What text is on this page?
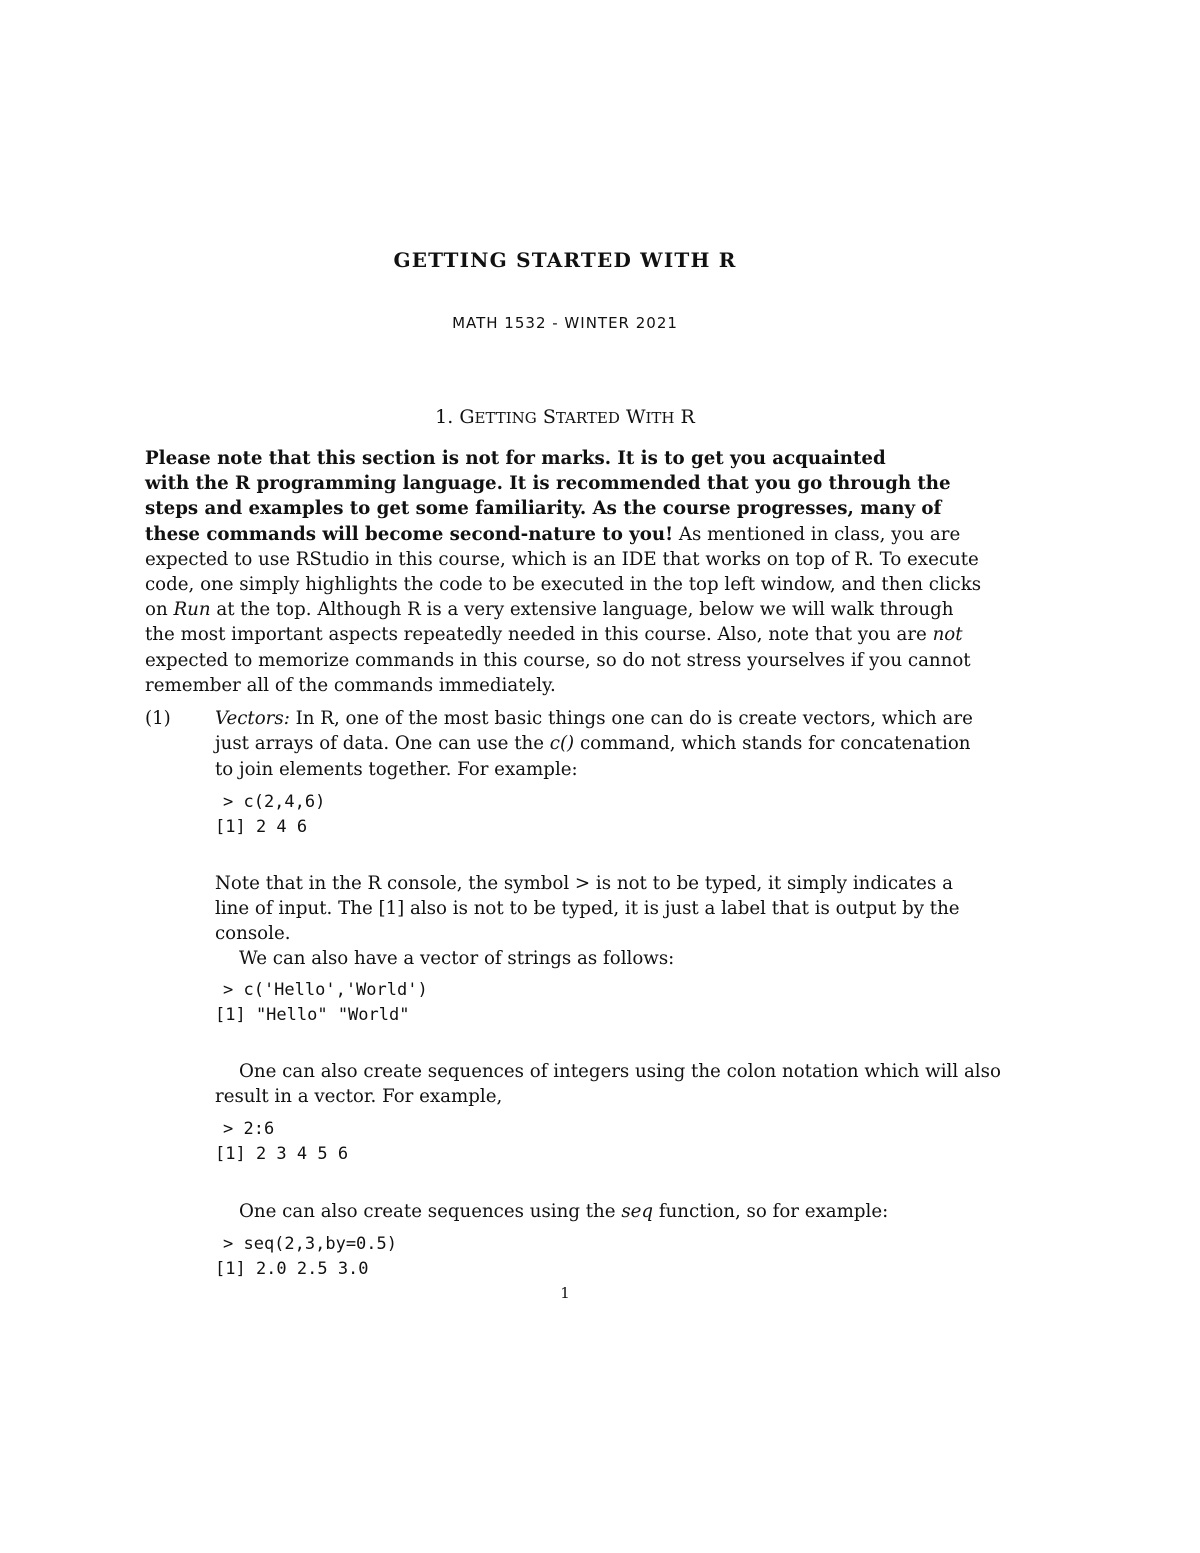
GETTING STARTED WITH R
MATH 1532 - WINTER 2021
1. GETTING STARTED WITH R
Please note that this section is not for marks. It is to get you acquainted
with the R programming language. It is recommended that you go through the
steps and examples to get some familiarity. As the course progresses, many of
these commands will become second-nature to you! As mentioned in class, you are
expected to use RStudio in this course, which is an IDE that works on top of R. To execute
code, one simply highlights the code to be executed in the top left window, and then clicks
on Run at the top. Although R is a very extensive language, below we will walk through
the most important aspects repeatedly needed in this course. Also, note that you are not
expected to memorize commands in this course, so do not stress yourselves if you cannot
remember all of the commands immediately.
(1) Vectors: In R, one of the most basic things one can do is create vectors, which are
just arrays of data. One can use the c() command, which stands for concatenation
to join elements together. For example:
> c(2,4,6)
[1] 2 4 6
Note that in the R console, the symbol > is not to be typed, it simply indicates a
line of input. The [1] also is not to be typed, it is just a label that is output by the
console.
We can also have a vector of strings as follows:
> c('Hello','World')
[1] "Hello" "World"
One can also create sequences of integers using the colon notation which will also
result in a vector. For example,
> 2:6
[1] 2 3 4 5 6
One can also create sequences using the seq function, so for example:
> seq(2,3,by=0.5)
[1] 2.0 2.5 3.0
1
